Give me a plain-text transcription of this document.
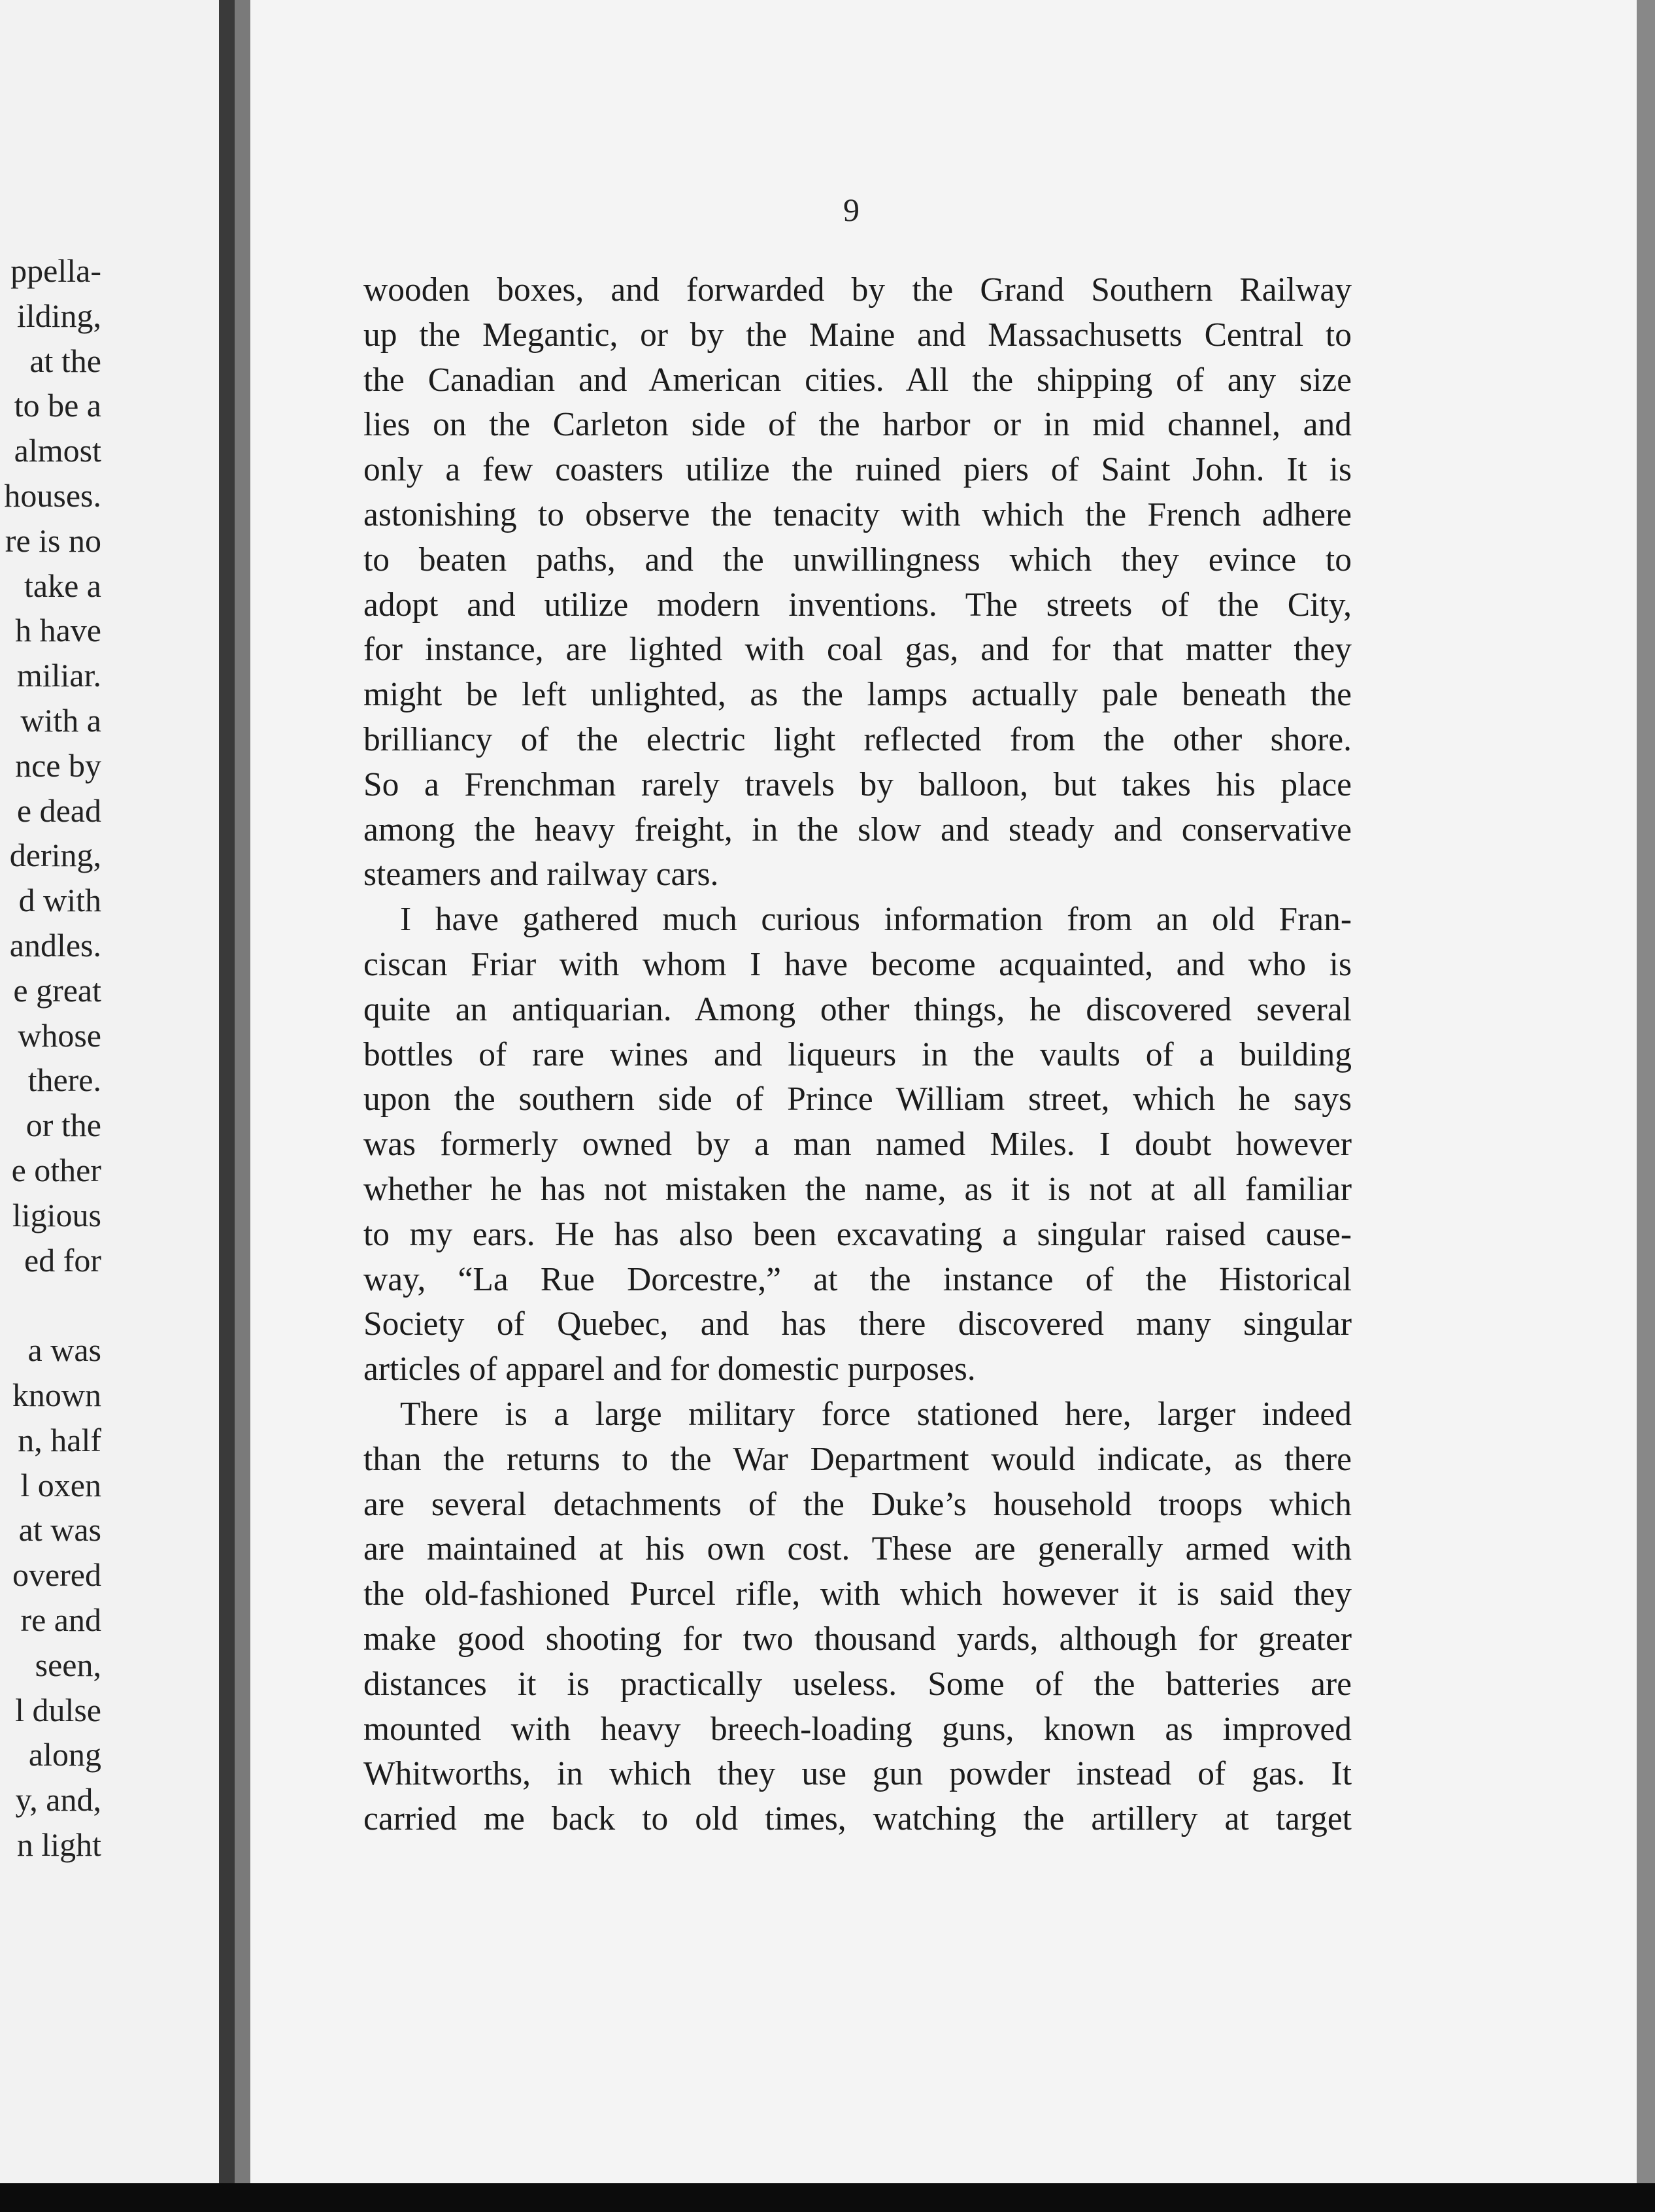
ppella-
ilding,
at the
to be a
almost
houses.
re is no
take a
h have
miliar.
with a
nce by
e dead
dering,
d with
andles.
e great
whose
there.
or the
e other
ligious
ed for
a was
known
n, half
l oxen
at was
overed
re and
seen,
l dulse
along
y, and,
n light
9
wooden boxes, and forwarded by the Grand Southern Railway
up the Megantic, or by the Maine and Massachusetts Central to
the Canadian and American cities. All the shipping of any size
lies on the Carleton side of the harbor or in mid channel, and
only a few coasters utilize the ruined piers of Saint John. It is
astonishing to observe the tenacity with which the French adhere
to beaten paths, and the unwillingness which they evince to
adopt and utilize modern inventions. The streets of the City,
for instance, are lighted with coal gas, and for that matter they
might be left unlighted, as the lamps actually pale beneath the
brilliancy of the electric light reflected from the other shore.
So a Frenchman rarely travels by balloon, but takes his place
among the heavy freight, in the slow and steady and conservative
steamers and railway cars.
I have gathered much curious information from an old Fran-
ciscan Friar with whom I have become acquainted, and who is
quite an antiquarian. Among other things, he discovered several
bottles of rare wines and liqueurs in the vaults of a building
upon the southern side of Prince William street, which he says
was formerly owned by a man named Miles. I doubt however
whether he has not mistaken the name, as it is not at all familiar
to my ears. He has also been excavating a singular raised cause-
way, “La Rue Dorcestre,” at the instance of the Historical
Society of Quebec, and has there discovered many singular
articles of apparel and for domestic purposes.
There is a large military force stationed here, larger indeed
than the returns to the War Department would indicate, as there
are several detachments of the Duke’s household troops which
are maintained at his own cost. These are generally armed with
the old-fashioned Purcel rifle, with which however it is said they
make good shooting for two thousand yards, although for greater
distances it is practically useless. Some of the batteries are
mounted with heavy breech-loading guns, known as improved
Whitworths, in which they use gun powder instead of gas. It
carried me back to old times, watching the artillery at target
